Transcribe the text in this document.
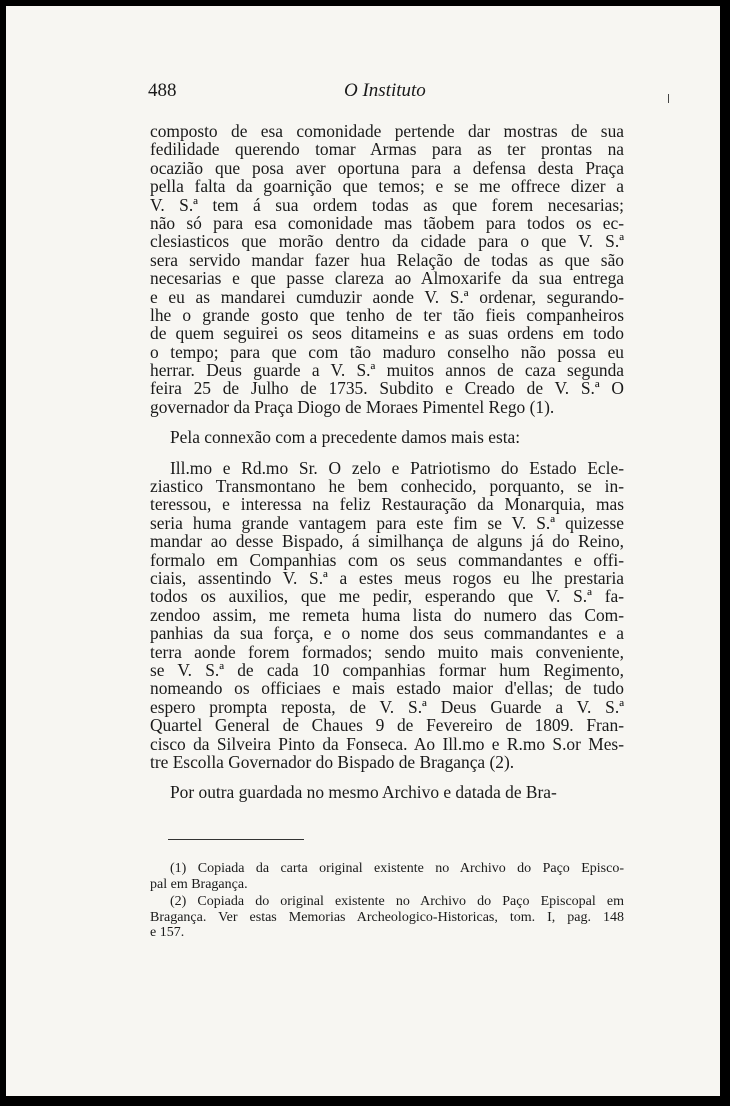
488	O Instituto
composto de esa comonidade pertende dar mostras de sua
fedilidade querendo tomar Armas para as ter prontas na
ocazião que posa aver oportuna para a defensa desta Praça
pella falta da goarnição que temos; e se me offrece dizer a
V. S.ª tem á sua ordem todas as que forem necesarias;
não só para esa comonidade mas tãobem para todos os ec-
clesiasticos que morão dentro da cidade para o que V. S.ª
sera servido mandar fazer hua Relação de todas as que são
necesarias e que passe clareza ao Almoxarife da sua entrega
e eu as mandarei cumduzir aonde V. S.ª ordenar, segurando-
lhe o grande gosto que tenho de ter tão fieis companheiros
de quem seguirei os seos ditameins e as suas ordens em todo
o tempo; para que com tão maduro conselho não possa eu
herrar. Deus guarde a V. S.ª muitos annos de caza segunda
feira 25 de Julho de 1735. Subdito e Creado de V. S.ª O
governador da Praça Diogo de Moraes Pimentel Rego (1).
Pela connexão com a precedente damos mais esta:
Ill.mo e Rd.mo Sr. O zelo e Patriotismo do Estado Ecle-
ziastico Transmontano he bem conhecido, porquanto, se in-
teressou, e interessa na feliz Restauração da Monarquia, mas
seria huma grande vantagem para este fim se V. S.ª quizesse
mandar ao desse Bispado, á similhança de alguns já do Reino,
formalo em Companhias com os seus commandantes e offi-
ciais, assentindo V. S.ª a estes meus rogos eu lhe prestaria
todos os auxilios, que me pedir, esperando que V. S.ª fa-
zendoo assim, me remeta huma lista do numero das Com-
panhias da sua força, e o nome dos seus commandantes e a
terra aonde forem formados; sendo muito mais conveniente,
se V. S.ª de cada 10 companhias formar hum Regimento,
nomeando os officiaes e mais estado maior d'ellas; de tudo
espero prompta reposta, de V. S.ª Deus Guarde a V. S.ª
Quartel General de Chaues 9 de Fevereiro de 1809. Fran-
cisco da Silveira Pinto da Fonseca. Ao Ill.mo e R.mo S.or Mes-
tre Escolla Governador do Bispado de Bragança (2).
Por outra guardada no mesmo Archivo e datada de Bra-
(1) Copiada da carta original existente no Archivo do Paço Episco-
pal em Bragança.
(2) Copiada do original existente no Archivo do Paço Episcopal em
Bragança. Ver estas Memorias Archeologico-Historicas, tom. I, pag. 148
e 157.
